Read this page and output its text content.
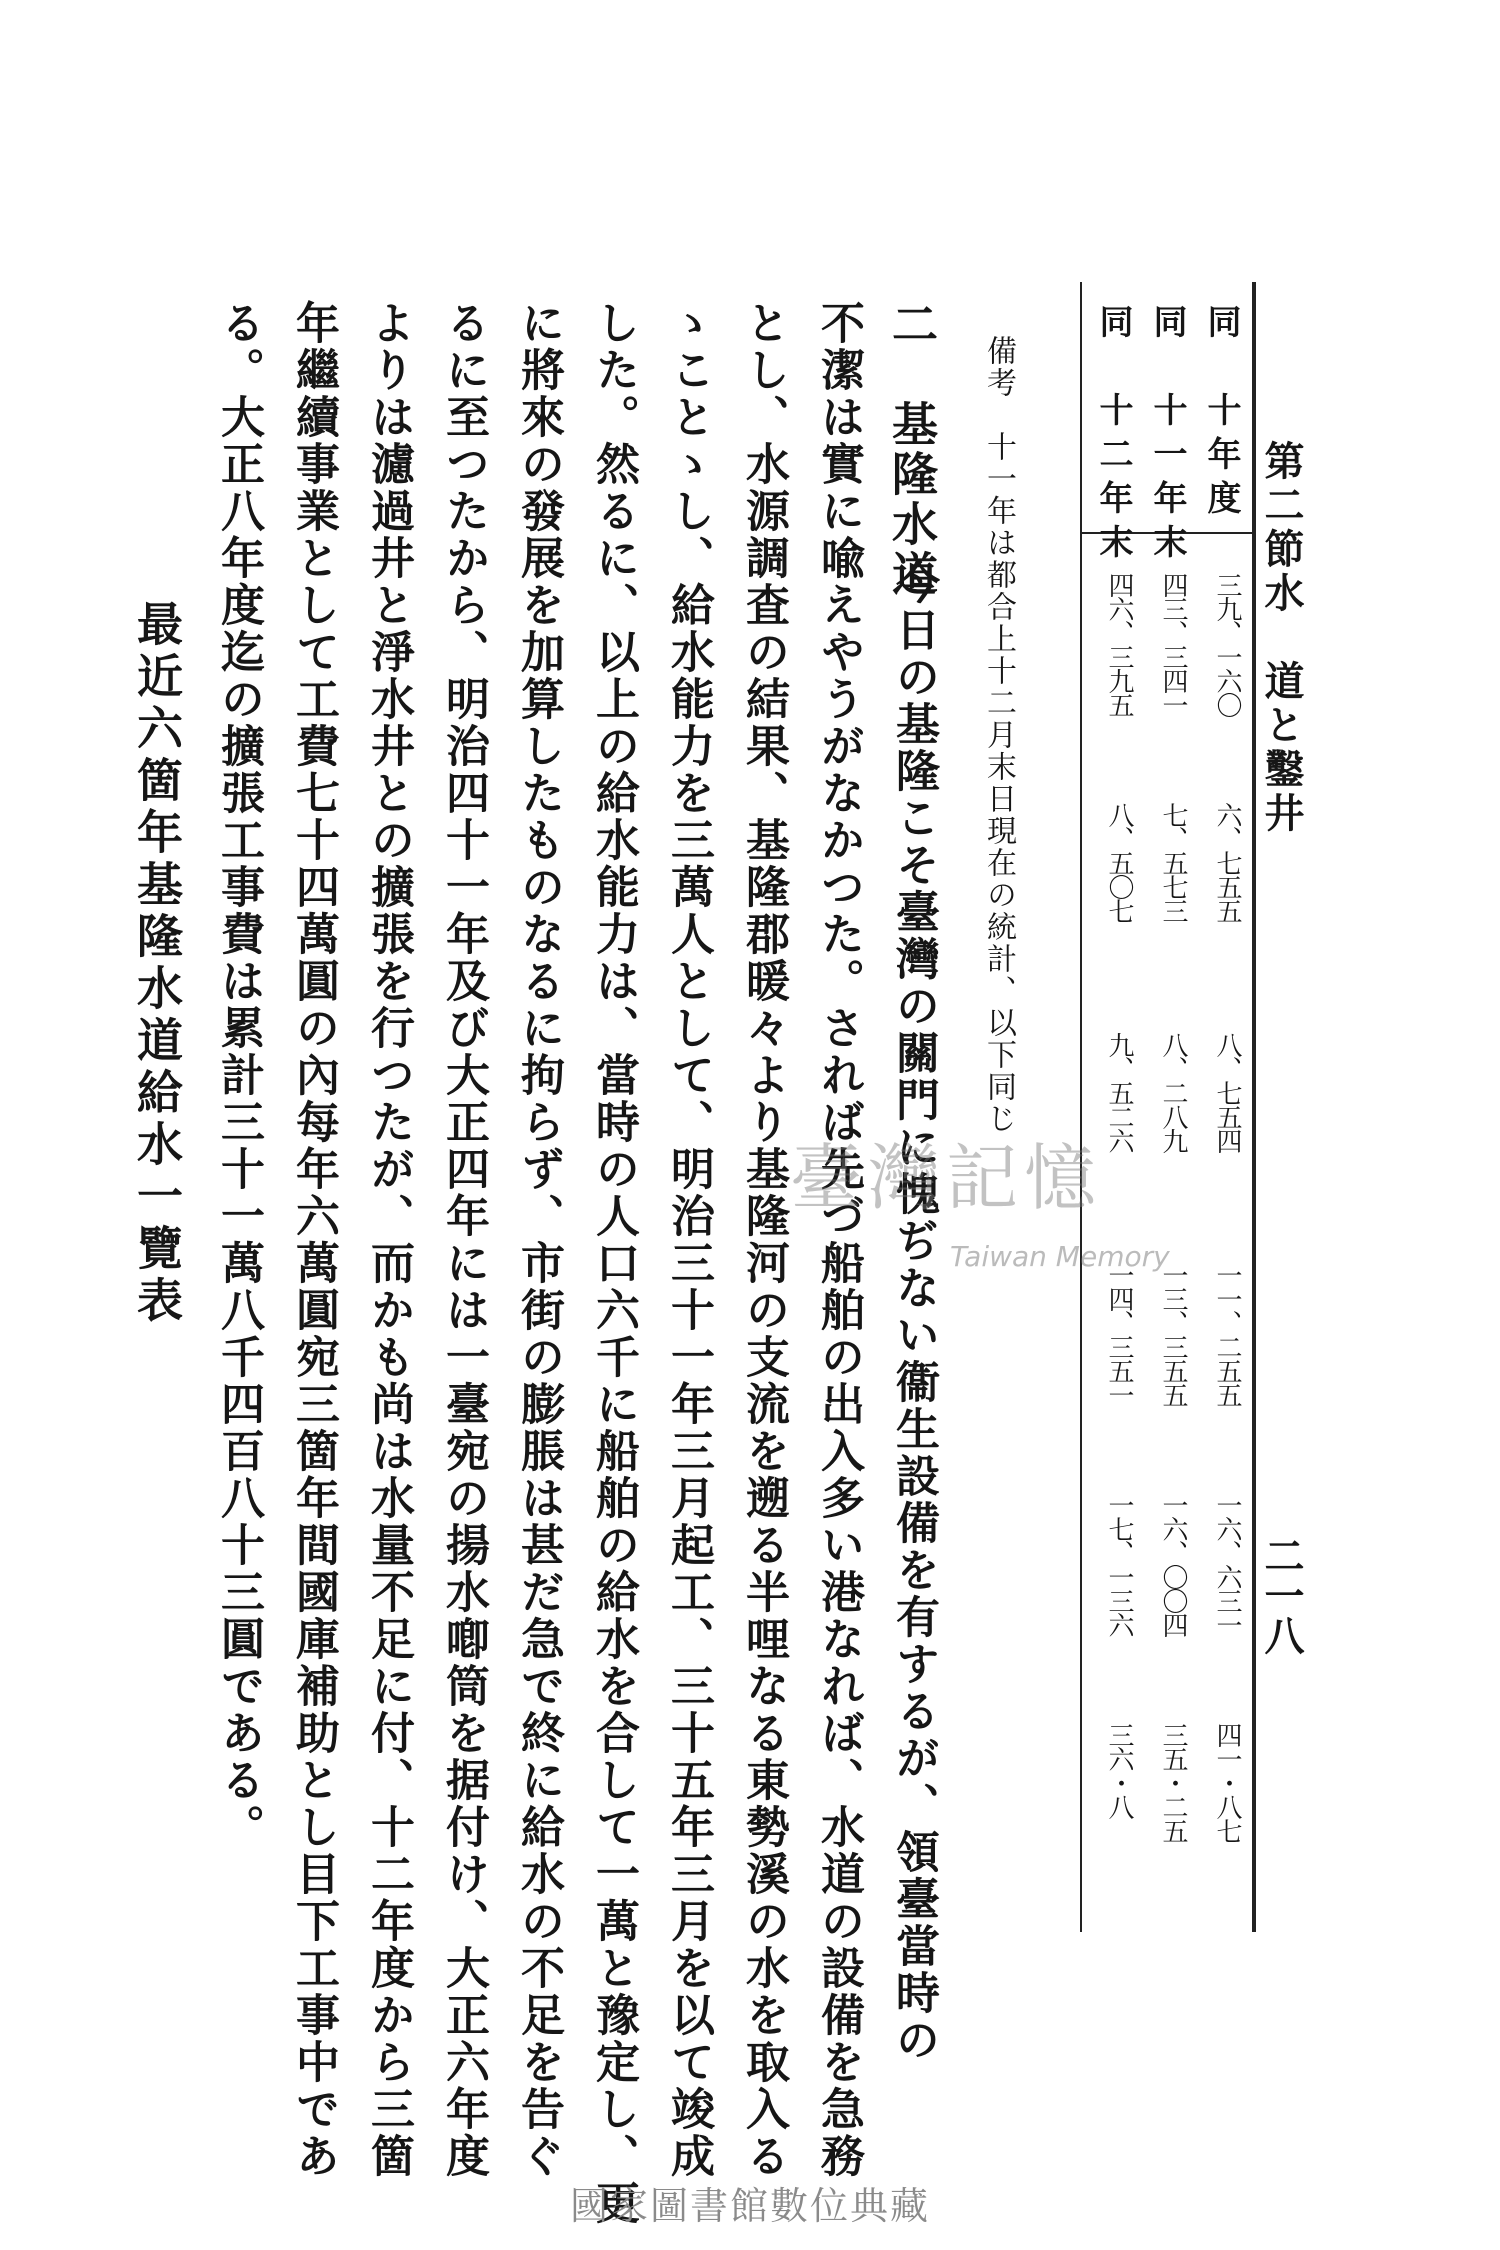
第二節水　道と鑿井
二一八
同　十年度
三九、一六〇
六、七五五
八、七五四
一一、二五五
一六、六三一
四一・八七
同　十一年末
四三、三四一
七、五七三
八、二八九
一三、三五五
一六、〇〇四
三五・二五
同　十二年末
四六、三九五
八、五〇七
九、五二六
一四、三五一
一七、一三六
三六・八
備考　十一年は都合上十二月末日現在の統計、以下同じ
二　基隆水道
今日の基隆こそ臺灣の關門に愧ぢない衞生設備を有するが、領臺當時の
不潔は實に喩えやうがなかつた。されば先づ船舶の出入多い港なれば、水道の設備を急務
とし、水源調査の結果、基隆郡暖々より基隆河の支流を遡る半哩なる東勢溪の水を取入る
ゝことゝし、給水能力を三萬人として、明治三十一年三月起工、三十五年三月を以て竣成
した。然るに、以上の給水能力は、當時の人口六千に船舶の給水を合して一萬と豫定し、更
に將來の發展を加算したものなるに拘らず、市街の膨脹は甚だ急で終に給水の不足を告ぐ
るに至つたから、明治四十一年及び大正四年には一臺宛の揚水喞筒を据付け、大正六年度
よりは濾過井と淨水井との擴張を行つたが、而かも尚は水量不足に付、十二年度から三箇
年繼續事業として工費七十四萬圓の內每年六萬圓宛三箇年間國庫補助とし目下工事中であ
る。大正八年度迄の擴張工事費は累計三十一萬八千四百八十三圓である。
最近六箇年基隆水道給水一覽表	臺灣記憶
Taiwan Memory
國家圖書館數位典藏
